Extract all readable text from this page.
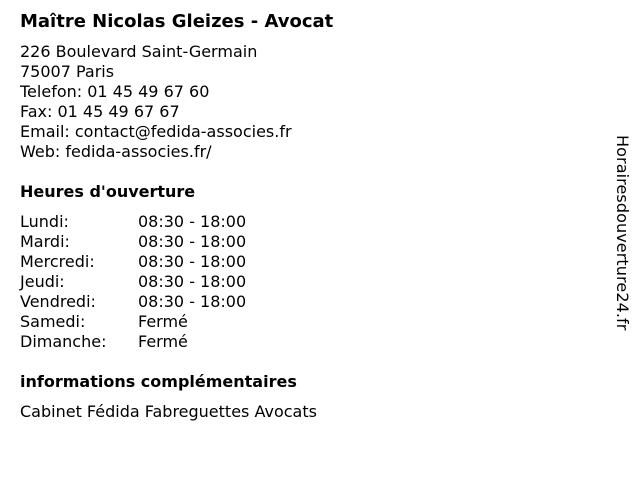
Maître Nicolas Gleizes - Avocat
226 Boulevard Saint-Germain
75007 Paris
Telefon: 01 45 49 67 60
Fax: 01 45 49 67 67
Email: contact@fedida-associes.fr
Web: fedida-associes.fr/
Heures d'ouverture
Lundi:	08:30 - 18:00
Mardi:	08:30 - 18:00
Mercredi:	08:30 - 18:00
Jeudi:	08:30 - 18:00
Vendredi:	08:30 - 18:00
Samedi:	Fermé
Dimanche:	Fermé
informations complémentaires
Cabinet Fédida Fabreguettes Avocats
Horairesdouverture24.fr
